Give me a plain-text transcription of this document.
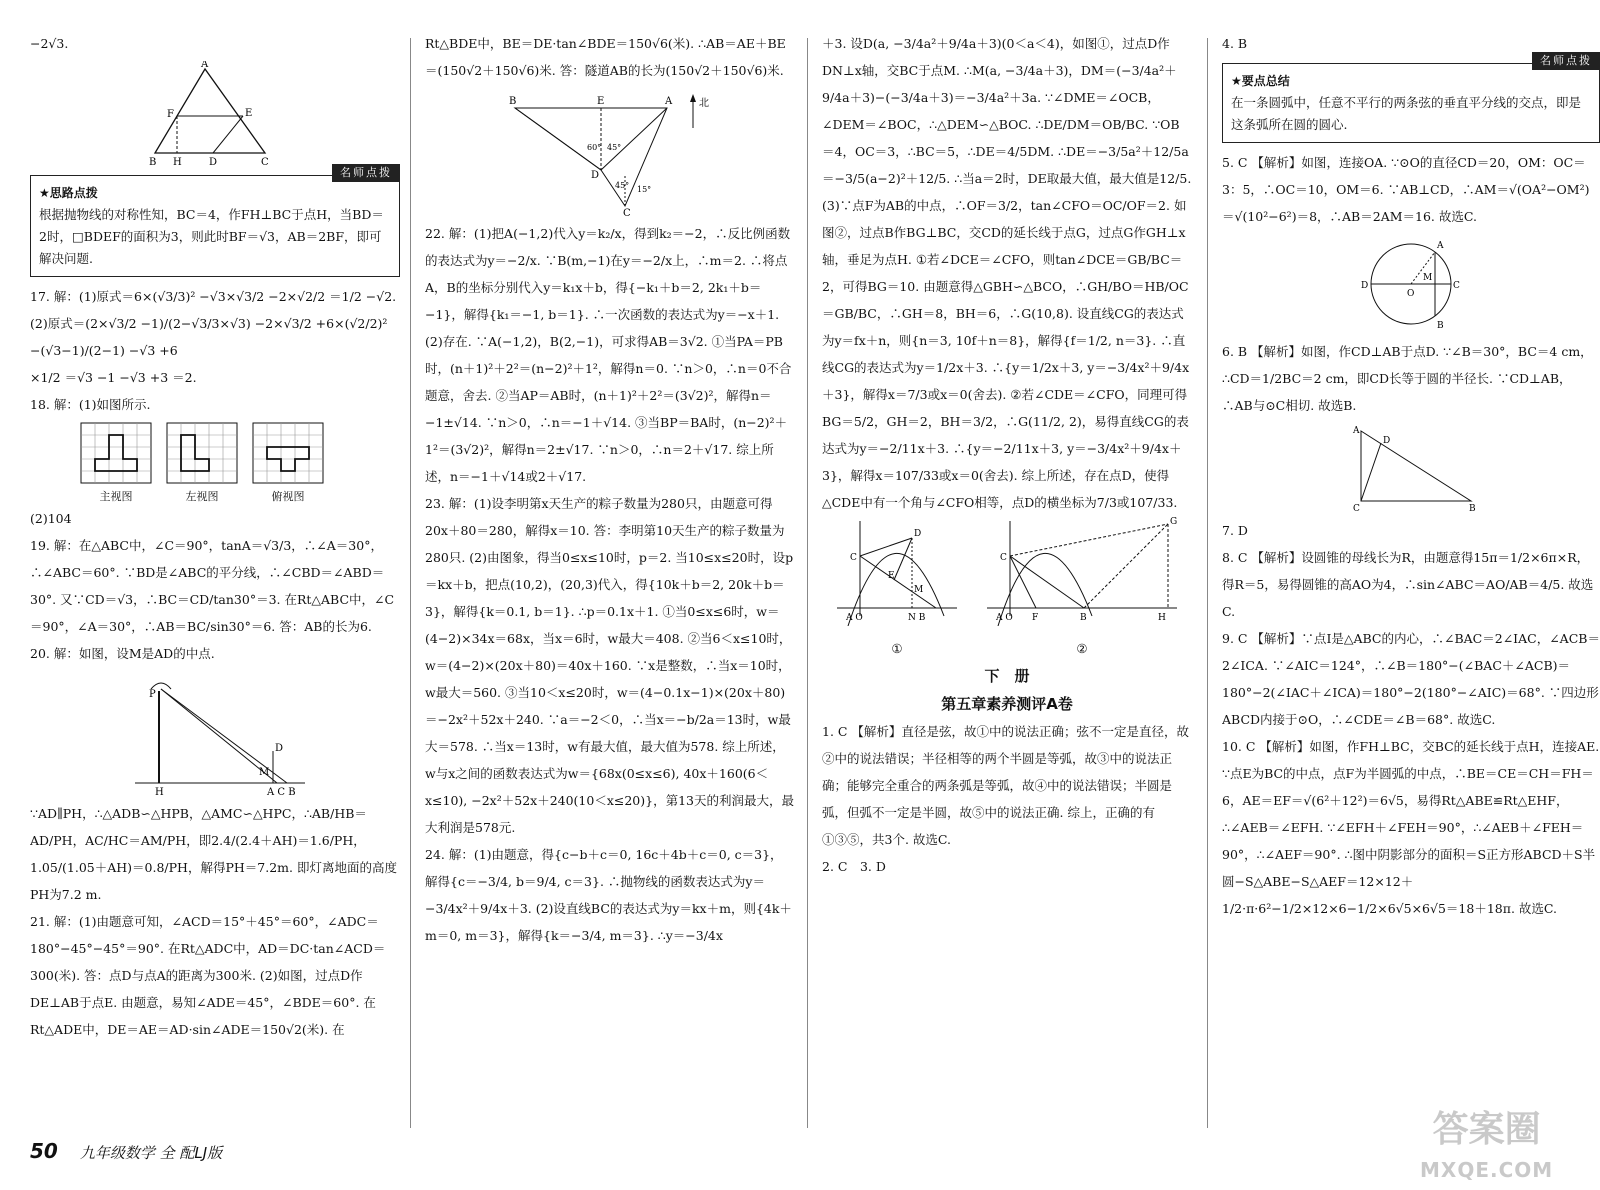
−2√3.

A
F	E
B H	D	C
名师点拨
★思路点拨
根据抛物线的对称性知，BC＝4，作FH⊥BC于点H，当BD＝2时，□BDEF的面积为3，则此时BF＝√3，AB＝2BF，即可解决问题.

17. 解：(1)原式＝6×(√3/3)² −√3×√3/2 −2×√2/2 ＝1/2 −√2.

(2)原式＝(2×√3/2 −1)/(2−√3/3×√3) −2×√3/2 +6×(√2/2)² −(√3−1)/(2−1) −√3 +6

×1/2 ＝√3 −1 −√3 +3 ＝2.

18. 解：(1)如图所示.

主视图	左视图	俯视图

(2)104

19. 解：在△ABC中，∠C＝90°，tanA＝√3/3，∴∠A＝30°，∴∠ABC＝60°. ∵BD是∠ABC的平分线，∴∠CBD＝∠ABD＝30°. 又∵CD＝√3，∴BC＝CD/tan30°＝3. 在Rt△ABC中，∠C＝90°，∠A＝30°，∴AB＝BC/sin30°＝6. 答：AB的长为6.

20. 解：如图，设M是AD的中点.

P
H
D
M
A C B

∵AD∥PH，∴△ADB∽△HPB，△AMC∽△HPC，∴AB/HB＝AD/PH，AC/HC＝AM/PH，即2.4/(2.4＋AH)＝1.6/PH，1.05/(1.05＋AH)＝0.8/PH，解得PH＝7.2m. 即灯离地面的高度PH为7.2 m.

21. 解：(1)由题意可知，∠ACD＝15°＋45°＝60°，∠ADC＝180°−45°−45°＝90°. 在Rt△ADC中，AD＝DC·tan∠ACD＝300(米). 答：点D与点A的距离为300米. (2)如图，过点D作DE⊥AB于点E. 由题意，易知∠ADE＝45°，∠BDE＝60°. 在Rt△ADE中，DE＝AE＝AD·sin∠ADE＝150√2(米). 在

Rt△BDE中，BE＝DE·tan∠BDE＝150√6(米). ∴AB＝AE＋BE＝(150√2＋150√6)米. 答：隧道AB的长为(150√2＋150√6)米.

B	E	A
D
C
60° 45°
45° 15°
北

22. 解：(1)把A(−1,2)代入y＝k₂/x，得到k₂＝−2，∴反比例函数的表达式为y＝−2/x. ∵B(m,−1)在y＝−2/x上，∴m＝2. ∴将点A，B的坐标分别代入y＝k₁x＋b，得{−k₁＋b＝2, 2k₁＋b＝−1}，解得{k₁＝−1, b＝1}. ∴一次函数的表达式为y＝−x＋1. (2)存在. ∵A(−1,2)，B(2,−1)，可求得AB＝3√2. ①当PA＝PB时，(n＋1)²＋2²＝(n−2)²＋1²，解得n＝0. ∵n＞0，∴n＝0不合题意，舍去. ②当AP＝AB时，(n＋1)²＋2²＝(3√2)²，解得n＝−1±√14. ∵n＞0，∴n＝−1＋√14. ③当BP＝BA时，(n−2)²＋1²＝(3√2)²，解得n＝2±√17. ∵n＞0，∴n＝2＋√17. 综上所述，n＝−1＋√14或2＋√17.

23. 解：(1)设李明第x天生产的粽子数量为280只，由题意可得20x＋80＝280，解得x＝10. 答：李明第10天生产的粽子数量为280只. (2)由图象，得当0≤x≤10时，p＝2. 当10≤x≤20时，设p＝kx＋b，把点(10,2)，(20,3)代入，得{10k＋b＝2, 20k＋b＝3}，解得{k＝0.1, b＝1}. ∴p＝0.1x＋1. ①当0≤x≤6时，w＝(4−2)×34x＝68x，当x＝6时，w最大＝408. ②当6＜x≤10时，w＝(4−2)×(20x＋80)＝40x＋160. ∵x是整数，∴当x＝10时，w最大＝560. ③当10＜x≤20时，w＝(4−0.1x−1)×(20x＋80)＝−2x²＋52x＋240. ∵a＝−2＜0，∴当x＝−b/2a＝13时，w最大＝578. ∴当x＝13时，w有最大值，最大值为578. 综上所述，w与x之间的函数表达式为w＝{68x(0≤x≤6), 40x＋160(6＜x≤10), −2x²＋52x＋240(10＜x≤20)}，第13天的利润最大，最大利润是578元.

24. 解：(1)由题意，得{c−b＋c＝0, 16c＋4b＋c＝0, c＝3}，解得{c＝−3/4, b＝9/4, c＝3}. ∴抛物线的函数表达式为y＝−3/4x²＋9/4x＋3. (2)设直线BC的表达式为y＝kx＋m，则{4k＋m＝0, m＝3}，解得{k＝−3/4, m＝3}. ∴y＝−3/4x

＋3. 设D(a, −3/4a²＋9/4a＋3)(0＜a＜4)，如图①，过点D作DN⊥x轴，交BC于点M. ∴M(a, −3/4a＋3)，DM＝(−3/4a²＋9/4a＋3)−(−3/4a＋3)＝−3/4a²＋3a. ∵∠DME＝∠OCB，∠DEM＝∠BOC，∴△DEM∽△BOC. ∴DE/DM＝OB/BC. ∵OB＝4，OC＝3，∴BC＝5，∴DE＝4/5DM. ∴DE＝−3/5a²＋12/5a＝−3/5(a−2)²＋12/5. ∴当a＝2时，DE取最大值，最大值是12/5.

(3)∵点F为AB的中点，∴OF＝3/2，tan∠CFO＝OC/OF＝2. 如图②，过点B作BG⊥BC，交CD的延长线于点G，过点G作GH⊥x轴，垂足为点H. ①若∠DCE＝∠CFO，则tan∠DCE＝GB/BC＝2，可得BG＝10. 由题意得△GBH∽△BCO，∴GH/BO＝HB/OC＝GB/BC，∴GH＝8，BH＝6，∴G(10,8). 设直线CG的表达式为y＝fx＋n，则{n＝3, 10f＋n＝8}，解得{f＝1/2, n＝3}. ∴直线CG的表达式为y＝1/2x＋3. ∴{y＝1/2x＋3, y＝−3/4x²＋9/4x＋3}，解得x＝7/3或x＝0(舍去). ②若∠CDE＝∠CFO，同理可得BG＝5/2，GH＝2，BH＝3/2，∴G(11/2, 2)，易得直线CG的表达式为y＝−2/11x＋3. ∴{y＝−2/11x＋3, y＝−3/4x²＋9/4x＋3}，解得x＝107/33或x＝0(舍去). 综上所述，存在点D，使得△CDE中有一个角与∠CFO相等，点D的横坐标为7/3或107/33.

C
D
E
M
A O	N B
①
C
G
H
A O F	B
②
下　册
第五章素养测评A卷

1. C 【解析】直径是弦，故①中的说法正确；弦不一定是直径，故②中的说法错误；半径相等的两个半圆是等弧，故③中的说法正确；能够完全重合的两条弧是等弧，故④中的说法错误；半圆是弧，但弧不一定是半圆，故⑤中的说法正确. 综上，正确的有①③⑤，共3个. 故选C.

2. C　3. D

4. B

名师点拨
★要点总结
在一条圆弧中，任意不平行的两条弦的垂直平分线的交点，即是这条弧所在圆的圆心.

5. C 【解析】如图，连接OA. ∵⊙O的直径CD＝20，OM：OC＝3：5，∴OC＝10，OM＝6. ∵AB⊥CD，∴AM＝√(OA²−OM²)＝√(10²−6²)＝8，∴AB＝2AM＝16. 故选C.

D	C
A
B
O
M

6. B 【解析】如图，作CD⊥AB于点D. ∵∠B＝30°，BC＝4 cm，∴CD＝1/2BC＝2 cm，即CD长等于圆的半径长. ∵CD⊥AB，∴AB与⊙C相切. 故选B.

A
D
C	B

7. D

8. C 【解析】设圆锥的母线长为R，由题意得15π＝1/2×6π×R，得R＝5，易得圆锥的高AO为4，∴sin∠ABC＝AO/AB＝4/5. 故选C.

9. C 【解析】∵点I是△ABC的内心，∴∠BAC＝2∠IAC，∠ACB＝2∠ICA. ∵∠AIC＝124°，∴∠B＝180°−(∠BAC＋∠ACB)＝180°−2(∠IAC＋∠ICA)＝180°−2(180°−∠AIC)＝68°. ∵四边形ABCD内接于⊙O，∴∠CDE＝∠B＝68°. 故选C.

10. C 【解析】如图，作FH⊥BC，交BC的延长线于点H，连接AE. ∵点E为BC的中点，点F为半圆弧的中点，∴BE＝CE＝CH＝FH＝6，AE＝EF＝√(6²＋12²)＝6√5，易得Rt△ABE≌Rt△EHF，∴∠AEB＝∠EFH. ∵∠EFH＋∠FEH＝90°，∴∠AEB＋∠FEH＝90°，∴∠AEF＝90°. ∴图中阴影部分的面积＝S正方形ABCD＋S半圆−S△ABE−S△AEF＝12×12＋1/2·π·6²−1/2×12×6−1/2×6√5×6√5＝18＋18π. 故选C.

50 九年级数学 全 配LJ版
答案圈
MXQE.COM
